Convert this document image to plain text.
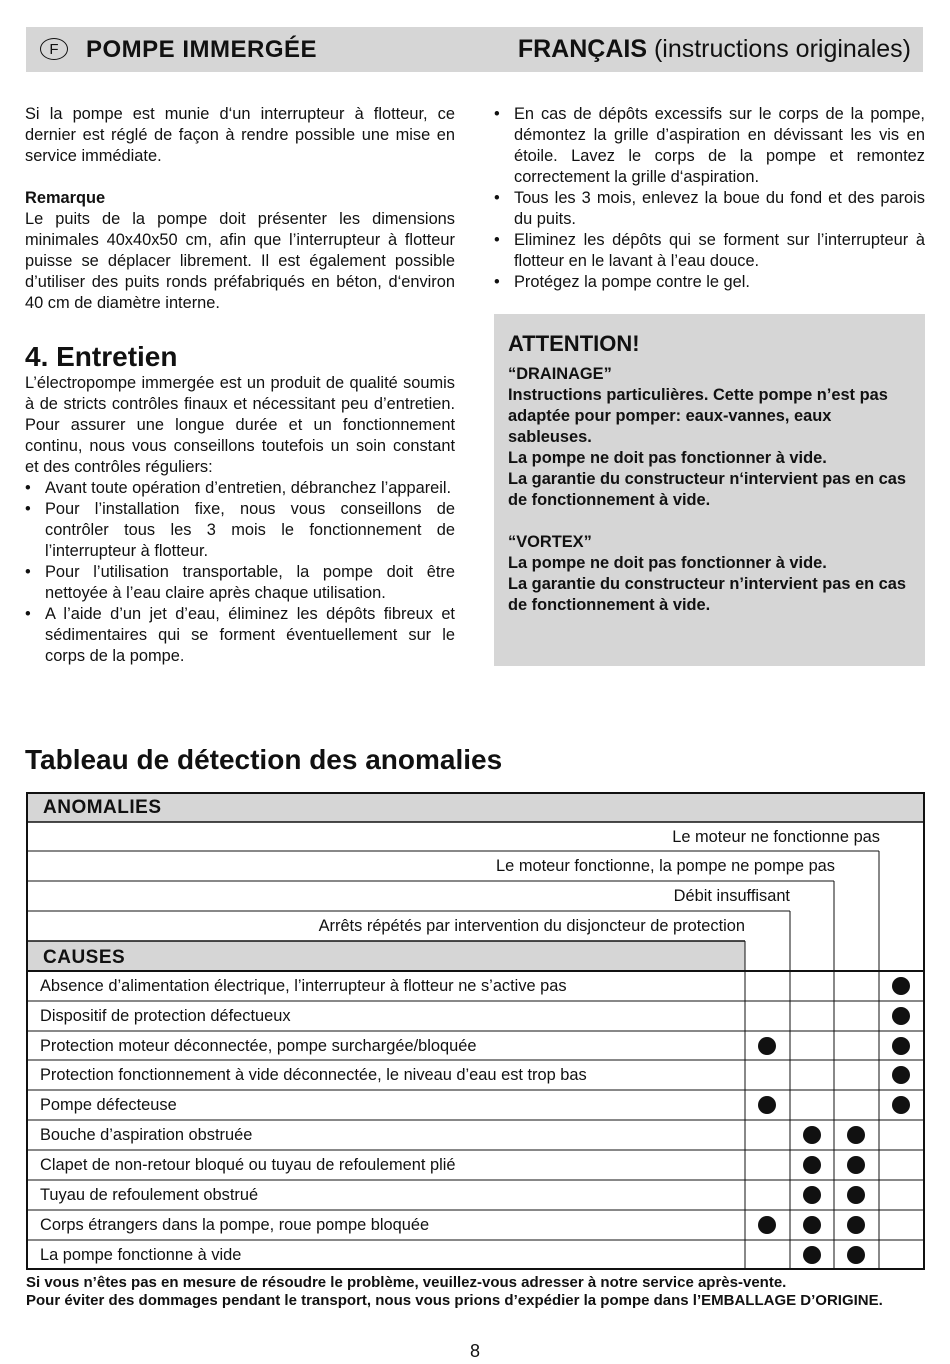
F	POMPE IMMERGÉE	FRANÇAIS (instructions originales)

Si la pompe est munie d‘un interrupteur à flotteur, ce dernier est réglé de façon à rendre possible une mise en service immédiate.

Remarque

Le puits de la pompe doit présenter les dimensions minimales 40x40x50 cm, afin que l’interrupteur à flotteur puisse se déplacer librement. Il est également possible d’utiliser des puits ronds préfabriqués en béton, d‘environ 40 cm de diamètre interne.

4. Entretien

L’électropompe immergée est un produit de qualité soumis à de stricts contrôles finaux et nécessitant peu d’entretien. Pour assurer une longue durée et un fonctionnement continu, nous vous conseillons toutefois un soin constant et des contrôles réguliers:

• Avant toute opération d’entretien, débranchez l’appareil.
• Pour l’installation fixe, nous vous conseillons de contrôler tous les 3 mois le fonctionnement de l’interrupteur à flotteur.
• Pour l’utilisation transportable, la pompe doit être nettoyée à l’eau claire après chaque utilisation.
• A l’aide d’un jet d’eau, éliminez les dépôts fibreux et sédimentaires qui se forment éventuellement sur le corps de la pompe.
• En cas de dépôts excessifs sur le corps de la pompe, démontez la grille d’aspiration en dévissant les vis en étoile. Lavez le corps de la pompe et remontez correctement la grille d‘aspiration.
• Tous les 3 mois, enlevez la boue du fond et des parois du puits.
• Eliminez les dépôts qui se forment sur l’interrupteur à flotteur en le lavant à l’eau douce.
• Protégez la pompe contre le gel.
ATTENTION!
“DRAINAGE”
Instructions particulières. Cette pompe n’est pas adaptée pour pomper: eaux-vannes, eaux sableuses.
La pompe ne doit pas fonctionner à vide.
La garantie du constructeur n‘intervient pas en cas de fonctionnement à vide.
“VORTEX”
La pompe ne doit pas fonctionner à vide.
La garantie du constructeur n’intervient pas en cas de fonctionnement à vide.
Tableau de détection des anomalies
ANOMALIES
Le moteur ne fonctionne pas
Le moteur fonctionne, la pompe ne pompe pas
Débit insuffisant
Arrêts répétés par intervention du disjoncteur de protection
CAUSES
Absence d’alimentation électrique, l’interrupteur à flotteur ne s’active pas
Dispositif de protection défectueux
Protection moteur déconnectée, pompe surchargée/bloquée
Protection fonctionnement à vide déconnectée, le niveau d’eau est trop bas
Pompe défecteuse
Bouche d’aspiration obstruée
Clapet de non-retour bloqué ou tuyau de refoulement plié
Tuyau de refoulement obstrué
Corps étrangers dans la pompe, roue pompe bloquée
La pompe fonctionne à vide
Si vous n’êtes pas en mesure de résoudre le problème, veuillez-vous adresser à notre service après-vente.
Pour éviter des dommages pendant le transport, nous vous prions d’expédier la pompe dans l’EMBALLAGE D’ORIGINE.
8
